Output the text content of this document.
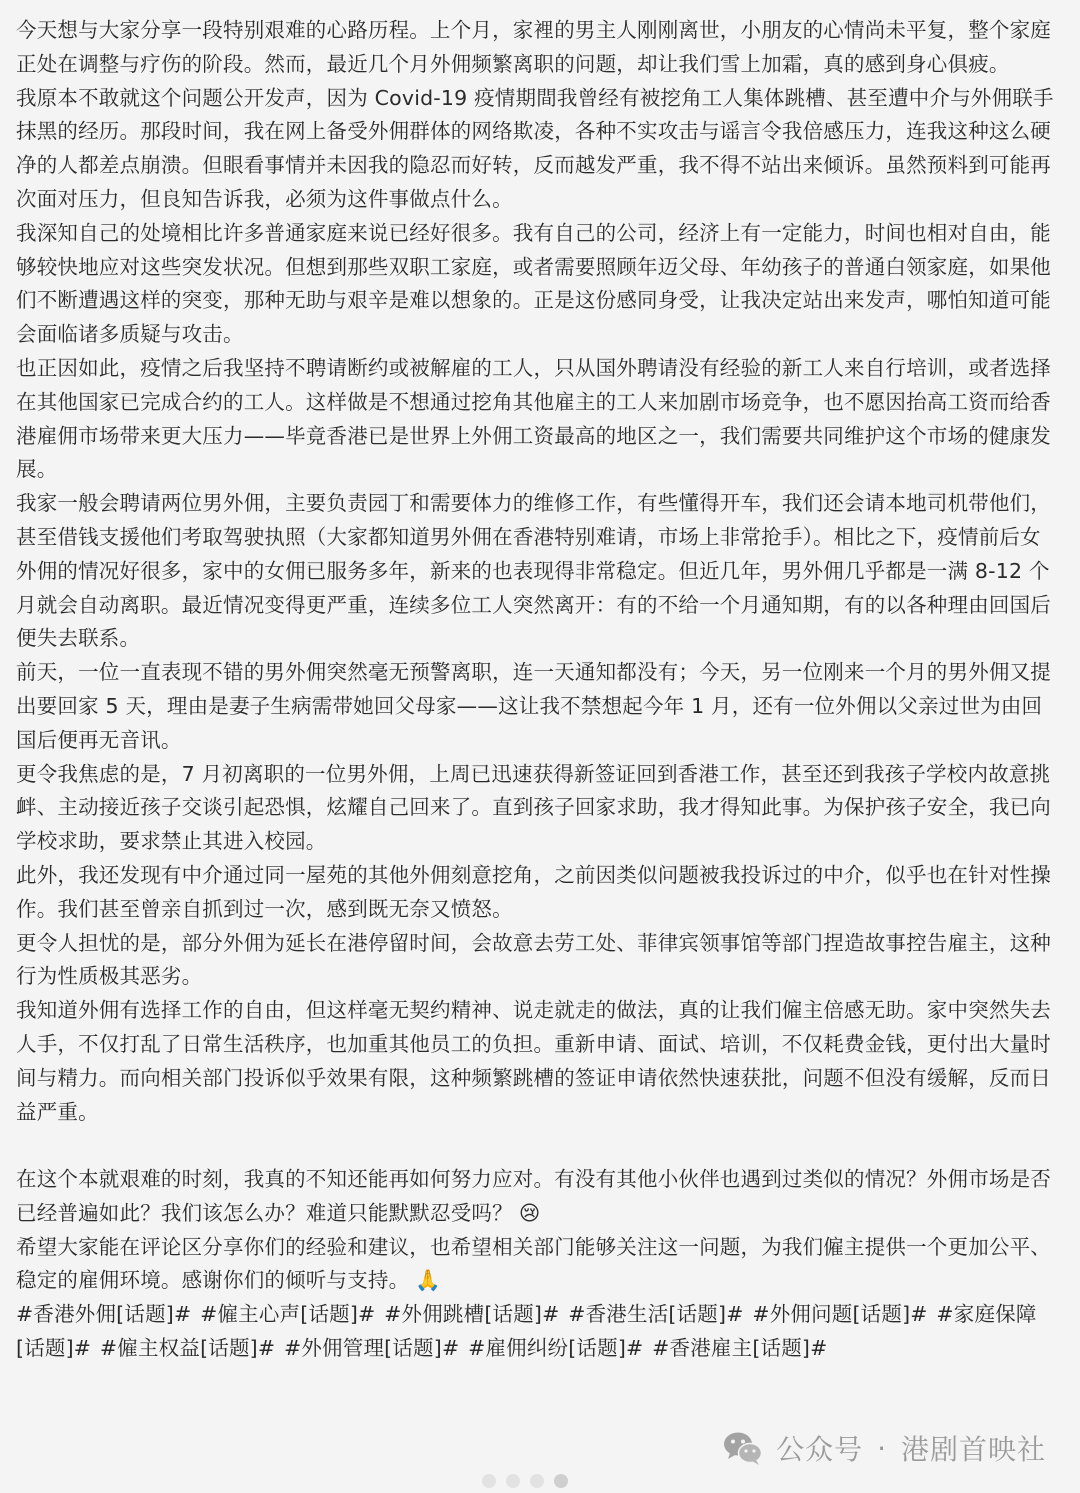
今天想与大家分享一段特别艰难的心路历程。上个月，家裡的男主人刚刚离世，小朋友的心情尚未平复，整个家庭正处在调整与疗伤的阶段。然而，最近几个月外佣频繁离职的问题，却让我们雪上加霜，真的感到身心俱疲。

我原本不敢就这个问题公开发声，因为 Covid-19 疫情期間我曾经有被挖角工人集体跳槽、甚至遭中介与外佣联手抹黑的经历。那段时间，我在网上备受外佣群体的网络欺凌，各种不实攻击与谣言令我倍感压力，连我这种这么硬净的人都差点崩溃。但眼看事情并未因我的隐忍而好转，反而越发严重，我不得不站出来倾诉。虽然预料到可能再次面对压力，但良知告诉我，必须为这件事做点什么。

我深知自己的处境相比许多普通家庭来说已经好很多。我有自己的公司，经济上有一定能力，时间也相对自由，能够较快地应对这些突发状况。但想到那些双职工家庭，或者需要照顾年迈父母、年幼孩子的普通白领家庭，如果他们不断遭遇这样的突变，那种无助与艰辛是难以想象的。正是这份感同身受，让我决定站出来发声，哪怕知道可能会面临诸多质疑与攻击。

也正因如此，疫情之后我坚持不聘请断约或被解雇的工人，只从国外聘请没有经验的新工人来自行培训，或者选择在其他国家已完成合约的工人。这样做是不想通过挖角其他雇主的工人来加剧市场竞争，也不愿因抬高工资而给香港雇佣市场带来更大压力——毕竟香港已是世界上外佣工资最高的地区之一，我们需要共同维护这个市场的健康发展。

我家一般会聘请两位男外佣，主要负责园丁和需要体力的维修工作，有些懂得开车，我们还会请本地司机带他们，甚至借钱支援他们考取驾驶执照（大家都知道男外佣在香港特别难请，市场上非常抢手）。相比之下，疫情前后女外佣的情况好很多，家中的女佣已服务多年，新来的也表现得非常稳定。但近几年，男外佣几乎都是一满 8-12 个月就会自动离职。最近情况变得更严重，连续多位工人突然离开：有的不给一个月通知期，有的以各种理由回国后便失去联系。

前天，一位一直表现不错的男外佣突然毫无预警离职，连一天通知都没有；今天，另一位刚来一个月的男外佣又提出要回家 5 天，理由是妻子生病需带她回父母家——这让我不禁想起今年 1 月，还有一位外佣以父亲过世为由回国后便再无音讯。

更令我焦虑的是，7 月初离职的一位男外佣，上周已迅速获得新签证回到香港工作，甚至还到我孩子学校内故意挑衅、主动接近孩子交谈引起恐惧，炫耀自己回来了。直到孩子回家求助，我才得知此事。为保护孩子安全，我已向学校求助，要求禁止其进入校园。

此外，我还发现有中介通过同一屋苑的其他外佣刻意挖角，之前因类似问题被我投诉过的中介，似乎也在针对性操作。我们甚至曾亲自抓到过一次，感到既无奈又愤怒。

更令人担忧的是，部分外佣为延长在港停留时间，会故意去劳工处、菲律宾领事馆等部门捏造故事控告雇主，这种行为性质极其恶劣。

我知道外佣有选择工作的自由，但这样毫无契约精神、说走就走的做法，真的让我们僱主倍感无助。家中突然失去人手，不仅打乱了日常生活秩序，也加重其他员工的负担。重新申请、面试、培训，不仅耗费金钱，更付出大量时间与精力。而向相关部门投诉似乎效果有限，这种频繁跳槽的签证申请依然快速获批，问题不但没有缓解，反而日益严重。

在这个本就艰难的时刻，我真的不知还能再如何努力应对。有没有其他小伙伴也遇到过类似的情况？外佣市场是否已经普遍如此？我们该怎么办？难道只能默默忍受吗？ 😢

希望大家能在评论区分享你们的经验和建议，也希望相关部门能够关注这一问题，为我们僱主提供一个更加公平、稳定的雇佣环境。感谢你们的倾听与支持。 🙏

#香港外佣[话题]# #僱主心声[话题]# #外佣跳槽[话题]# #香港生活[话题]# #外佣问题[话题]# #家庭保障[话题]# #僱主权益[话题]# #外佣管理[话题]# #雇佣纠纷[话题]# #香港雇主[话题]#

公众号 · 港剧首映社
